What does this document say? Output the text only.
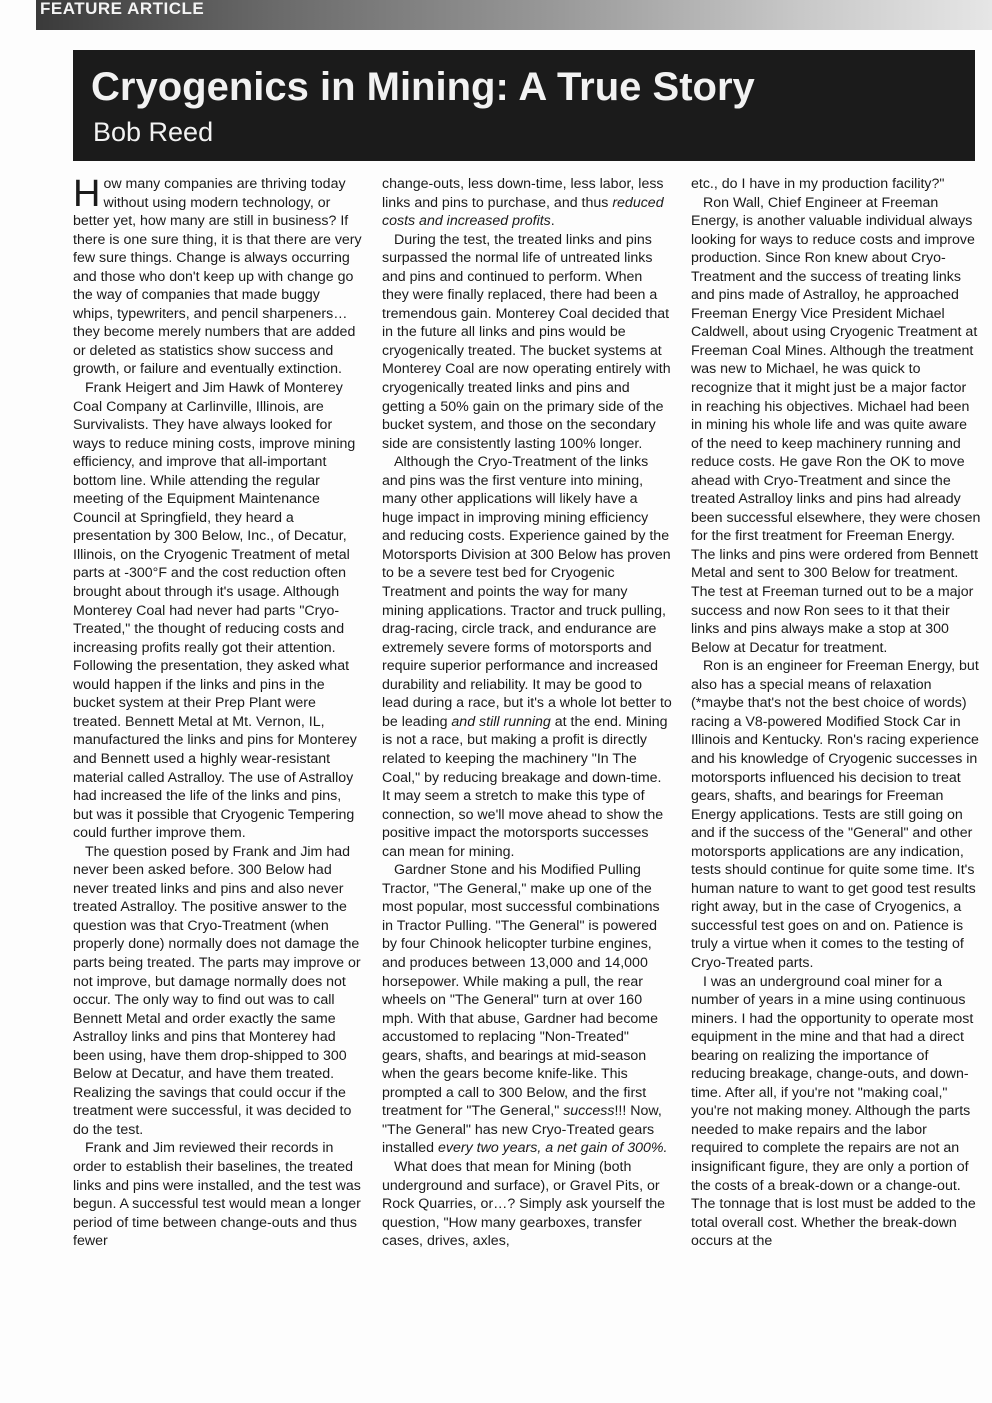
FEATURE ARTICLE
Cryogenics in Mining: A True Story
Bob Reed

How many companies are thriving today without using modern technology, or better yet, how many are still in business? If there is one sure thing, it is that there are very few sure things. Change is always occurring and those who don't keep up with change go the way of companies that made buggy whips, typewriters, and pencil sharpeners…they become merely numbers that are added or deleted as statistics show success and growth, or failure and eventually extinction.

Frank Heigert and Jim Hawk of Monterey Coal Company at Carlinville, Illinois, are Survivalists. They have always looked for ways to reduce mining costs, improve mining efficiency, and improve that all-important bottom line. While attending the regular meeting of the Equipment Maintenance Council at Springfield, they heard a presentation by 300 Below, Inc., of Decatur, Illinois, on the Cryogenic Treatment of metal parts at -300°F and the cost reduction often brought about through it's usage. Although Monterey Coal had never had parts "Cryo-Treated," the thought of reducing costs and increasing profits really got their attention. Following the presentation, they asked what would happen if the links and pins in the bucket system at their Prep Plant were treated. Bennett Metal at Mt. Vernon, IL, manufactured the links and pins for Monterey and Bennett used a highly wear-resistant material called Astralloy. The use of Astralloy had increased the life of the links and pins, but was it possible that Cryogenic Tempering could further improve them.

The question posed by Frank and Jim had never been asked before. 300 Below had never treated links and pins and also never treated Astralloy. The positive answer to the question was that Cryo-Treatment (when properly done) normally does not damage the parts being treated. The parts may improve or not improve, but damage normally does not occur. The only way to find out was to call Bennett Metal and order exactly the same Astralloy links and pins that Monterey had been using, have them drop-shipped to 300 Below at Decatur, and have them treated. Realizing the savings that could occur if the treatment were successful, it was decided to do the test.

Frank and Jim reviewed their records in order to establish their baselines, the treated links and pins were installed, and the test was begun. A successful test would mean a longer period of time between change-outs and thus fewer

change-outs, less down-time, less labor, less links and pins to purchase, and thus reduced costs and increased profits.

During the test, the treated links and pins surpassed the normal life of untreated links and pins and continued to perform. When they were finally replaced, there had been a tremendous gain. Monterey Coal decided that in the future all links and pins would be cryogenically treated. The bucket systems at Monterey Coal are now operating entirely with cryogenically treated links and pins and getting a 50% gain on the primary side of the bucket system, and those on the secondary side are consistently lasting 100% longer.

Although the Cryo-Treatment of the links and pins was the first venture into mining, many other applications will likely have a huge impact in improving mining efficiency and reducing costs. Experience gained by the Motorsports Division at 300 Below has proven to be a severe test bed for Cryogenic Treatment and points the way for many mining applications. Tractor and truck pulling, drag-racing, circle track, and endurance are extremely severe forms of motorsports and require superior performance and increased durability and reliability. It may be good to lead during a race, but it's a whole lot better to be leading and still running at the end. Mining is not a race, but making a profit is directly related to keeping the machinery "In The Coal," by reducing breakage and down-time. It may seem a stretch to make this type of connection, so we'll move ahead to show the positive impact the motorsports successes can mean for mining.

Gardner Stone and his Modified Pulling Tractor, "The General," make up one of the most popular, most successful combinations in Tractor Pulling. "The General" is powered by four Chinook helicopter turbine engines, and produces between 13,000 and 14,000 horsepower. While making a pull, the rear wheels on "The General" turn at over 160 mph. With that abuse, Gardner had become accustomed to replacing "Non-Treated" gears, shafts, and bearings at mid-season when the gears become knife-like. This prompted a call to 300 Below, and the first treatment for "The General," success!!! Now, "The General" has new Cryo-Treated gears installed every two years, a net gain of 300%.

What does that mean for Mining (both underground and surface), or Gravel Pits, or Rock Quarries, or…? Simply ask yourself the question, "How many gearboxes, transfer cases, drives, axles,

etc., do I have in my production facility?"

Ron Wall, Chief Engineer at Freeman Energy, is another valuable individual always looking for ways to reduce costs and improve production. Since Ron knew about Cryo-Treatment and the success of treating links and pins made of Astralloy, he approached Freeman Energy Vice President Michael Caldwell, about using Cryogenic Treatment at Freeman Coal Mines. Although the treatment was new to Michael, he was quick to recognize that it might just be a major factor in reaching his objectives. Michael had been in mining his whole life and was quite aware of the need to keep machinery running and reduce costs. He gave Ron the OK to move ahead with Cryo-Treatment and since the treated Astralloy links and pins had already been successful elsewhere, they were chosen for the first treatment for Freeman Energy. The links and pins were ordered from Bennett Metal and sent to 300 Below for treatment. The test at Freeman turned out to be a major success and now Ron sees to it that their links and pins always make a stop at 300 Below at Decatur for treatment.

Ron is an engineer for Freeman Energy, but also has a special means of relaxation (*maybe that's not the best choice of words) racing a V8-powered Modified Stock Car in Illinois and Kentucky. Ron's racing experience and his knowledge of Cryogenic successes in motorsports influenced his decision to treat gears, shafts, and bearings for Freeman Energy applications. Tests are still going on and if the success of the "General" and other motorsports applications are any indication, tests should continue for quite some time. It's human nature to want to get good test results right away, but in the case of Cryogenics, a successful test goes on and on. Patience is truly a virtue when it comes to the testing of Cryo-Treated parts.

I was an underground coal miner for a number of years in a mine using continuous miners. I had the opportunity to operate most equipment in the mine and that had a direct bearing on realizing the importance of reducing breakage, change-outs, and down-time. After all, if you're not "making coal," you're not making money. Although the parts needed to make repairs and the labor required to complete the repairs are not an insignificant figure, they are only a portion of the costs of a break-down or a change-out. The tonnage that is lost must be added to the total overall cost. Whether the break-down occurs at the
